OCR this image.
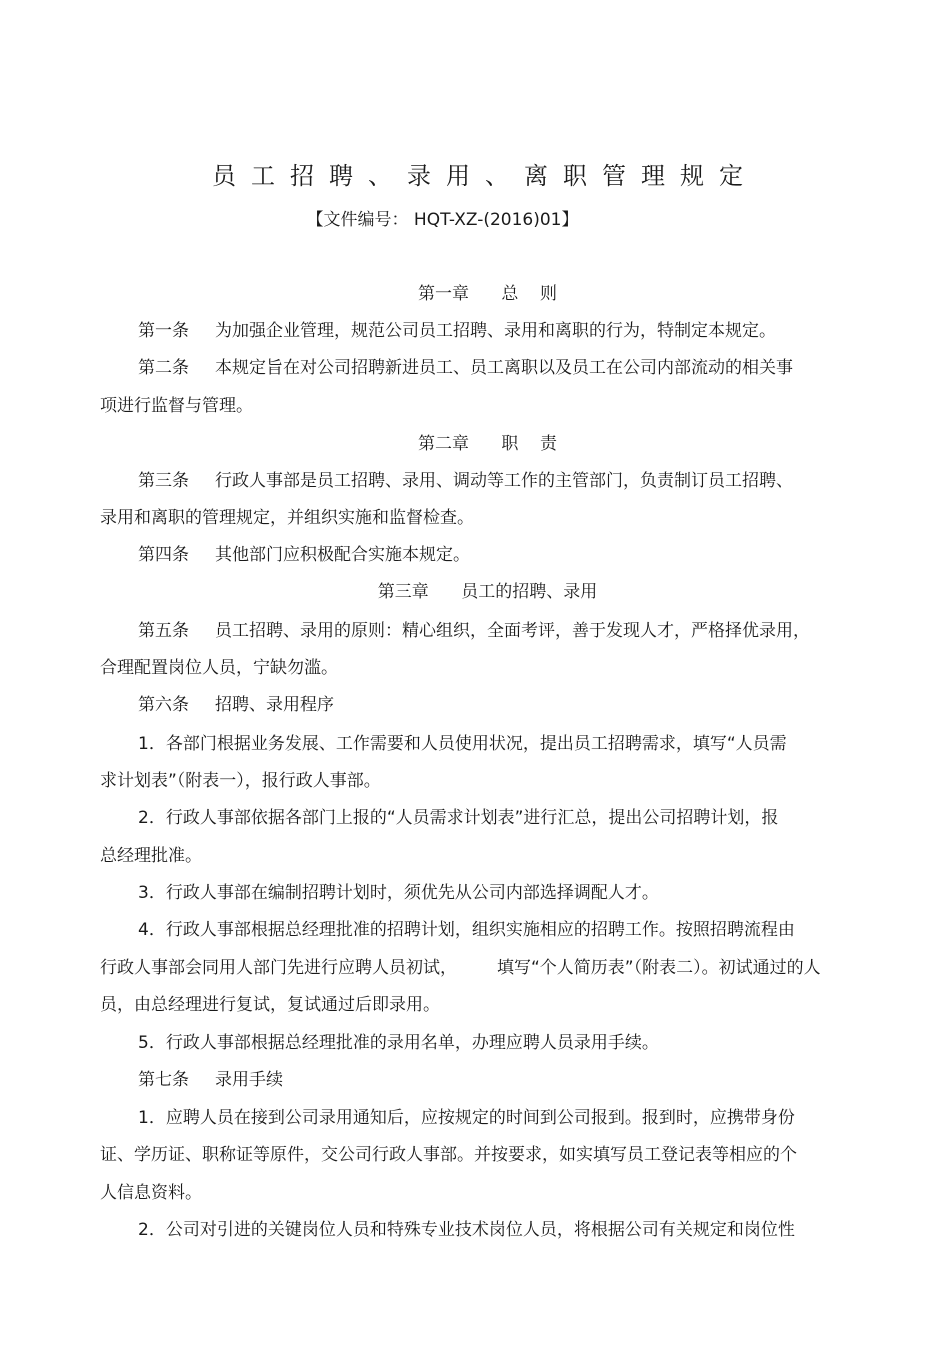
员工招聘、录用、离职管理规定
【文件编号： HQT-XZ-(2016)01】
第一章      总    则
第一条 为加强企业管理，规范公司员工招聘、录用和离职的行为，特制定本规定。
第二条 本规定旨在对公司招聘新进员工、员工离职以及员工在公司内部流动的相关事
项进行监督与管理。
第二章      职    责
第三条 行政人事部是员工招聘、录用、调动等工作的主管部门，负责制订员工招聘、
录用和离职的管理规定，并组织实施和监督检查。
第四条 其他部门应积极配合实施本规定。
第三章      员工的招聘、录用
第五条 员工招聘、录用的原则：精心组织，全面考评，善于发现人才，严格择优录用，
合理配置岗位人员，宁缺勿滥。
第六条 招聘、录用程序
1．各部门根据业务发展、工作需要和人员使用状况，提出员工招聘需求，填写“人员需
求计划表”（附表一），报行政人事部。
2．行政人事部依据各部门上报的“人员需求计划表”进行汇总，提出公司招聘计划，报
总经理批准。
3．行政人事部在编制招聘计划时，须优先从公司内部选择调配人才。
4．行政人事部根据总经理批准的招聘计划，组织实施相应的招聘工作。按照招聘流程由
行政人事部会同用人部门先进行应聘人员初试， 填写“个人简历表”（附表二）。初试通过的人
员，由总经理进行复试，复试通过后即录用。
5．行政人事部根据总经理批准的录用名单，办理应聘人员录用手续。
第七条 录用手续
1．应聘人员在接到公司录用通知后，应按规定的时间到公司报到。报到时，应携带身份
证、学历证、职称证等原件，交公司行政人事部。并按要求，如实填写员工登记表等相应的个
人信息资料。
2．公司对引进的关键岗位人员和特殊专业技术岗位人员，将根据公司有关规定和岗位性
